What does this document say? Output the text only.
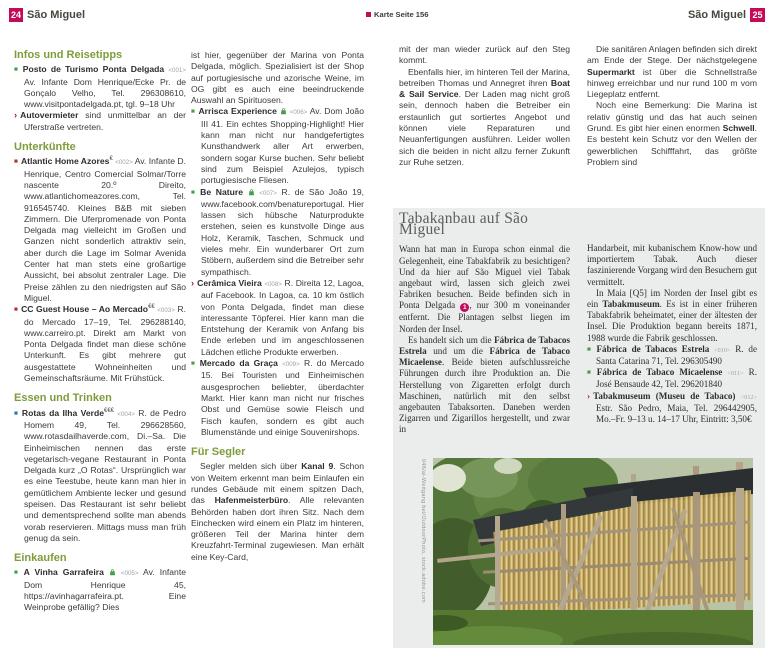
24 São Miguel	Karte Seite 156	São Miguel 25
Infos und Reisetipps

■ Posto de Turismo Ponta Delgada <001> Av. Infante Dom Henrique/Ecke Pr. de Gonçalo Velho, Tel. 296308610, www.visitpontadelgada.pt, tgl. 9–18 Uhr

› Autovermieter sind unmittelbar an der Uferstraße vertreten.

Unterkünfte

■ Atlantic Home Azores€ <002> Av. Infante D. Henrique, Centro Comercial Solmar/Torre nascente 20.º Direito, www.atlantichomeazores.com, Tel. 916545740. Kleines B&B mit sieben Zimmern. Die Uferpromenade von Ponta Delgada mag vielleicht im Großen und Ganzen nicht sonderlich attraktiv sein, aber durch die Lage im Solmar Avenida Center hat man stets eine großartige Aussicht, bei absolut zentraler Lage. Die Preise zählen zu den niedrigsten auf São Miguel.

■ CC Guest House – Ao Mercado€€ <003> R. do Mercado 17–19, Tel. 296288140, www.carreiro.pt. Direkt am Markt von Ponta Delgada findet man diese schöne Unterkunft. Es gibt mehrere gut ausgestattete Wohneinheiten und Gemeinschaftsräume. Mit Frühstück.

Essen und Trinken

■ Rotas da Ilha Verde€€€ <004> R. de Pedro Homem 49, Tel. 296628560, www.rotasdailhaverde.com, Di.–Sa. Die Einheimischen nennen das erste vegetarisch-vegane Restaurant in Ponta Delgada kurz „O Rotas“. Ursprünglich war es eine Teestube, heute kann man hier in gemütlichem Ambiente lecker und gesund speisen. Das Restaurant ist sehr beliebt und dementsprechend sollte man abends vorab reservieren. Mittags muss man früh genug da sein.

Einkaufen

■ A Vinha Garrafeira	<005> Av. Infante Dom Henrique 45, https://avinhagarrafeira.pt. Eine Weinprobe gefällig? Dies

ist hier, gegenüber der Marina von Ponta Delgada, möglich. Spezialisiert ist der Shop auf portugiesische und azorische Weine, im OG gibt es auch eine beeindruckende Auswahl an Spirituosen.

■ Arrisca Experience <006> Av. Dom João III 41. Ein echtes Shopping-Highlight! Hier kann man nicht nur handgefertigtes Kunsthandwerk aller Art erwerben, sondern sogar Kurse buchen. Sehr beliebt sind zum Beispiel Azulejos, typisch portugiesische Fliesen.

■ Be Nature	<007> R. de São João 19, www.facebook.com/benatureportugal. Hier lassen sich hübsche Naturprodukte erstehen, seien es kunstvolle Dinge aus Holz, Keramik, Taschen, Schmuck und vieles mehr. Ein wunderbarer Ort zum Stöbern, außerdem sind die Betreiber sehr sympathisch.

› Cerâmica Vieira <008> R. Direita 12, Lagoa, auf Facebook. In Lagoa, ca. 10 km östlich von Ponta Delgada, findet man diese interessante Töpferei. Hier kann man die Entstehung der Keramik von Anfang bis Ende erleben und im angeschlossenen Lädchen etliche Produkte erwerben.

■ Mercado da Graça <009> R. do Mercado 15. Bei Touristen und Einheimischen ausgesprochen beliebter, überdachter Markt. Hier kann man nicht nur frisches Obst und Gemüse sowie Fleisch und Fisch kaufen, sondern es gibt auch Blumenstände und einige Souvenirshops.

Für Segler

Segler melden sich über Kanal 9. Schon von Weitem erkennt man beim Einlaufen ein rundes Gebäude mit einem spitzen Dach, das Hafenmeisterbüro. Alle relevanten Behörden haben dort ihren Sitz. Nach dem Einchecken wird einem ein Platz im hinteren, größeren Teil der Marina hinter dem Kreuzfahrt-Terminal zugewiesen. Man erhält eine Key-Card,

mit der man wieder zurück auf den Steg kommt.

Ebenfalls hier, im hinteren Teil der Marina, betreiben Thomas und Annegret ihren Boat & Sail Service. Der Laden mag nicht groß sein, dennoch haben die Betreiber ein erstaunlich gut sortiertes Angebot und können viele Reparaturen und Neuanfertigungen ausführen. Leider wollen sich die beiden in nicht allzu ferner Zukunft zur Ruhe setzen.

Die sanitären Anlagen befinden sich direkt am Ende der Stege. Der nächstgelegene Supermarkt ist über die Schnellstraße hinweg erreichbar und nur rund 100 m vom Liegeplatz entfernt.

Noch eine Bemerkung: Die Marina ist relativ günstig und das hat auch seinen Grund. Es gibt hier einen enormen Schwell. Es besteht kein Schutz vor den Wellen der gewerblichen Schifffahrt, das größte Problem sind

Tabakanbau auf São Miguel

Wann hat man in Europa schon einmal die Gelegenheit, eine Tabakfabrik zu besichtigen? Und da hier auf São Miguel viel Tabak angebaut wird, lassen sich gleich zwei Fabriken besuchen. Beide befinden sich in Ponta Delgada 1 , nur 300 m voneinander entfernt. Die Plantagen selbst liegen im Norden der Insel.

Es handelt sich um die Fábrica de Tabacos Estrela und um die Fábrica de Tabaco Micaelense. Beide bieten aufschlussreiche Führungen durch ihre Produktion an. Die Herstellung von Zigaretten erfolgt durch Maschinen, natürlich mit den selbst angebauten Tabaksorten. Daneben werden Zigarren und Zigarillos hergestellt, und zwar in

Handarbeit, mit kubanischem Know-how und importiertem Tabak. Auch dieser faszinierende Vorgang wird den Besuchern gut vermittelt.

In Maia [Q5] im Norden der Insel gibt es ein Tabakmuseum. Es ist in einer früheren Tabakfabrik beheimatet, einer der ältesten der Insel. Die Produktion begann bereits 1871, 1988 wurde die Fabrik geschlossen.

■ Fábrica de Tabacos Estrela <010> R. de Santa Catarina 71, Tel. 296305490

■ Fábrica de Tabaco Micaelense <011> R. José Bensaude 42, Tel. 296201840

› Tabakmuseum (Museu de Tabaco) <012> Estr. São Pedro, Maia, Tel. 296442905, Mo.–Fr. 9–13 u. 14–17 Uhr, Eintritt: 3,50€

046/ai-Weitgang bei/OutdoorPhoto, stock.adobe.com
